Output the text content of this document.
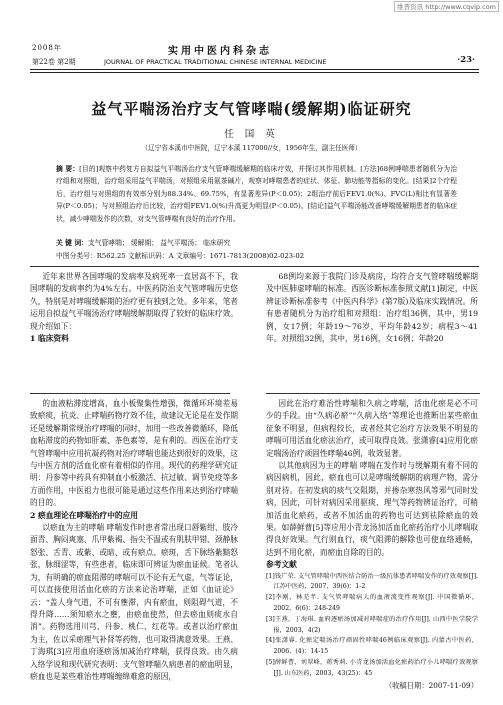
维普资讯 http://www.cqvip.com
2008年
第22卷 第2期
实用中医内科杂志
JOURNAL OF PRACTICAL TRADITIONAL CHINESE INTERNAL MEDICINE	·23·
益气平喘汤治疗支气管哮喘(缓解期)临证研究
任 国 英
（辽宁省本溪市中医院，辽宁本溪 117000//女，1956年生，副主任医师）
摘 要：[目的]观察中药复方自拟益气平喘汤治疗支气管哮喘缓解期的临床疗效，并探讨其作用机制。[方法]68例哮喘患者随机分为治疗组和对照组，治疗组采用益气平喘汤，对照组采用氨茶碱片，观察对哮喘患者的症状、体征、肺功能等指标的变化。[结果]2个疗程后，治疗组与对照组的有效率分别为88.34%、69.75%，有显著差异(P＜0.05)；2组治疗前后FEV1.0(%)、FVC(L)相比有显著差异(P＜0.05)；与对照组治疗后比较，治疗组FEV1.0(%)升高更为明显(P＜0.05)。[结论]益气平喘汤能改善哮喘缓解期患者的临床症状，减少哮喘发作的次数，对支气管哮喘有良好的治疗作用。
关 键 词：支气管哮喘； 缓解期； 益气平喘汤； 临床研究
中图分类号：R562.25 文献标识码：A 文章编号：1671-7813(2008)02-023-02

近年来世界各国哮喘的发病率及病死率一直居高不下，我国哮喘的发病率约为4%左右。中医药防治支气管哮喘历史悠久，特别是对哮喘缓解期的治疗更有独到之处。多年来，笔者运用自拟益气平喘汤治疗哮喘缓解期取得了较好的临床疗效。现介绍如下：

1 临床资料

68例均来源于我院门诊及病房，均符合支气管哮喘缓解期及中医肺虚哮喘的标准。西医诊断标准参照文献[1]制定，中医辨证诊断标准参考《中医内科学》(第7版)及临床实践情况。所有患者随机分为治疗组和对照组：治疗组36例，其中，男19例，女17例；年龄19～76岁，平均年龄42岁；病程3～41年。对照组32例，其中，男16例，女16例；年龄20

的血液粘滞度增高，血小板聚集性增强，微循环环境差易致瘀痰，抗炎、止哮喘药物疗效不佳，故建议无论是在发作期还是缓解期常规治疗哮喘的同时，加用一些改善微循环，降低血粘滞度的药物如肝素、茶色素等，是有利的。西医在治疗支气管哮喘中应用抗凝药物对治疗哮喘也能达到很好的效果，这与中医方剂的活血化瘀有着相似的作用。现代的药理学研究证明：丹参等中药具有抑制血小板激活、抗过敏、调节免疫等多方面作用，中医祖力也很可能是通过这些作用来达到治疗哮喘的目的。

2 瘀血理论在哮喘治疗中的应用

以瘀血为主的哮喘 哮喘发作时患者常出现口唇紫绀、肢冷面青、胸闷爽塞、爪甲紫褐、指尖不温或有肌肤甲错、颈静脉怒张、舌青、或紫、或暗、或有瘀点、瘀斑，舌下脉络紫黯怒张，脉细涩等，有些患者，临床即可辨证为瘀血证候。笔者认为，有明确的瘀血阻滞的哮喘可以不论有无气虚，气等证论，可以直接使用活血化瘀的方法来论治哮喘，正如《血证论》云：“盖人身气道，不可有壅滞，内有瘀血，则阻碍气道，不得升降……须知瘀水之壅，由瘀血使然，但去瘀血则痰水自消”。药物选用川芎、丹参、桃仁、红花等。或者以治疗瘀血为主，佐以采瘀理气补肾等药物，也可取得满意效果。王燕、丁海琪[3]应用血府逐瘀汤加减治疗哮喘，获得良效。由久病入络学说和现代研究表明：支气管哮喘久病患者的瘀血明显，瘀血也是某些难治性哮喘缠绵难愈的原因，

因此在治疗难治性哮喘和久病之哮喘，活血化瘀是必不可少的手段。由“久病必瘀”“久病入络”等理论也推断出某些瘀血征象不明显，但病程较长，或者经其它治疗方法效果不明显的哮喘可用活血化瘀法治疗，或可取得良效。张潇睿[4]应用化瘀定喘汤治疗顽固性哮喘46例，收效显著。

以其他病因为主的哮喘 哮喘在发作时与缓解期有着不同的病因病机，因此，瘀血也可以是哮喘缓解期的病理产物，需分别对待。在初发病的痰气交阻期，并掺杂寒热风等邪气同时发病，因此，可针对病因采用驱痰、理气等药物辨证治疗，可稍加活血化瘀药，或者不加活血的药物也可达到祛除瘀血的效果。如薛鲜曹[5]等应用小青龙汤加活血化瘀药治疗小儿哮喘取得良好效果。气行则血行，痰气阻滞的解除也可使血络通畅，达到不用化瘀，而瘀血自除的目的。

参考文献
[1]钱广荣. 支气管哮喘中西医结合防治一级抗体患者哮喘发作的疗效观察[J]. 江苏中医药，2007，39(6)：1-2
[2]李刚，林芜芊. 支气管哮喘病人的血液流变性观察[J]. 中国微循环，2002，6(6)：248-249
[3]王燕，丁海琪. 血府逐瘀汤加减对哮喘症的治疗作用[J]. 山西中医学院学报，2003，4(2)
[4]张潇睿. 化瘀定喘汤治疗顽固性哮喘46例临床观察[J]. 内蒙古中医药，2006，(4)：14-15
[5]薛鲜曹，刘翠峰，蒋秀莉. 小青龙汤加活血化瘀药治疗小儿哮喘疗效观察[J]. 山东医药，2003，43(25)：45
（收稿日期：2007-11-09）
